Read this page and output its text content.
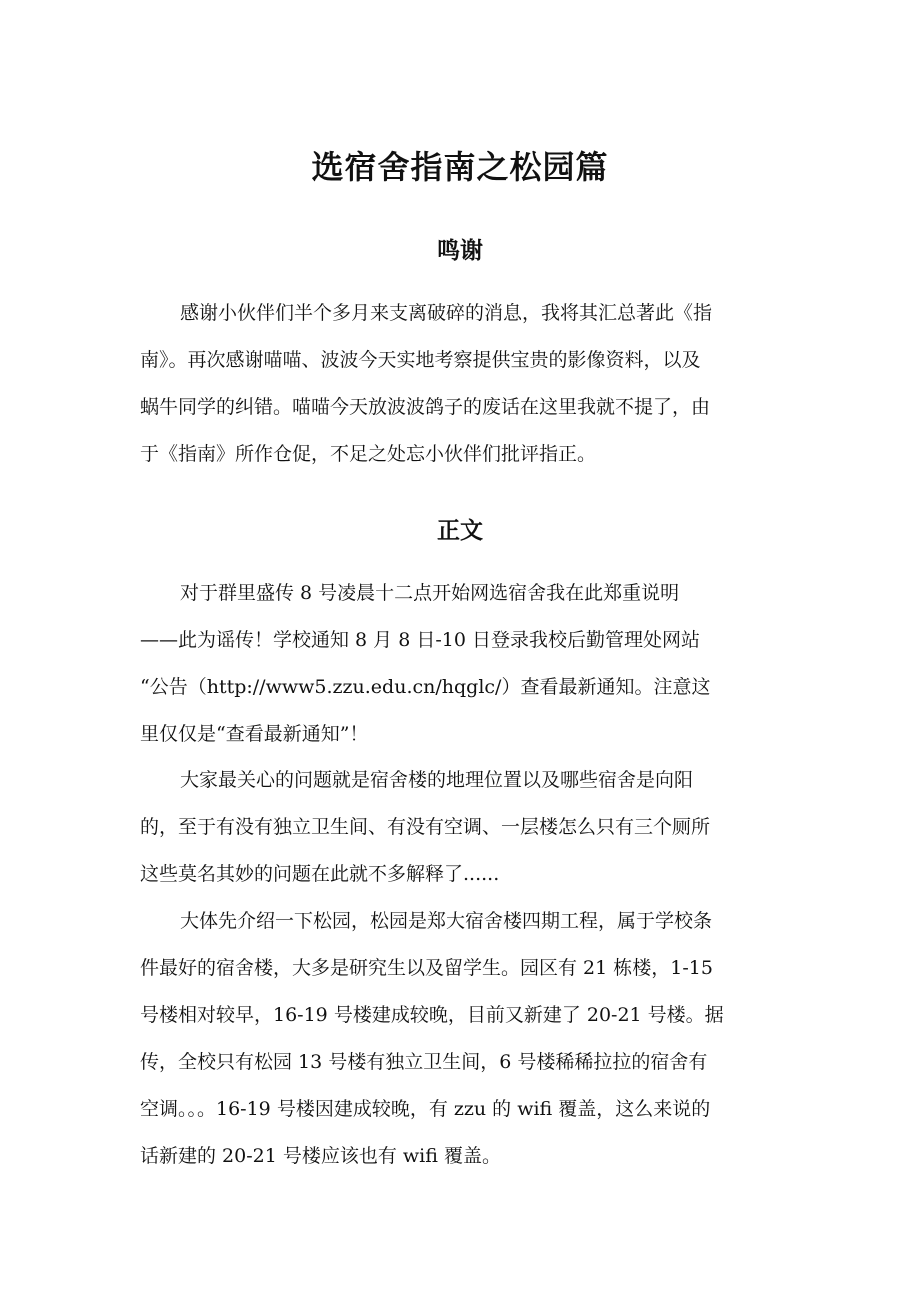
选宿舍指南之松园篇
鸣谢

感谢小伙伴们半个多月来支离破碎的消息，我将其汇总著此《指
南》。再次感谢喵喵、波波今天实地考察提供宝贵的影像资料，以及
蜗牛同学的纠错。喵喵今天放波波鸽子的废话在这里我就不提了，由
于《指南》所作仓促，不足之处忘小伙伴们批评指正。

正文

对于群里盛传 8 号凌晨十二点开始网选宿舍我在此郑重说明
——此为谣传！学校通知 8 月 8 日-10 日登录我校后勤管理处网站
“公告（http://www5.zzu.edu.cn/hqglc/）查看最新通知。注意这
里仅仅是“查看最新通知”！

大家最关心的问题就是宿舍楼的地理位置以及哪些宿舍是向阳
的，至于有没有独立卫生间、有没有空调、一层楼怎么只有三个厕所
这些莫名其妙的问题在此就不多解释了......

大体先介绍一下松园，松园是郑大宿舍楼四期工程，属于学校条
件最好的宿舍楼，大多是研究生以及留学生。园区有 21 栋楼，1-15
号楼相对较早，16-19 号楼建成较晚，目前又新建了 20-21 号楼。据
传，全校只有松园 13 号楼有独立卫生间，6 号楼稀稀拉拉的宿舍有
空调。。。16-19 号楼因建成较晚，有 zzu 的 wifi 覆盖，这么来说的
话新建的 20-21 号楼应该也有 wifi 覆盖。
